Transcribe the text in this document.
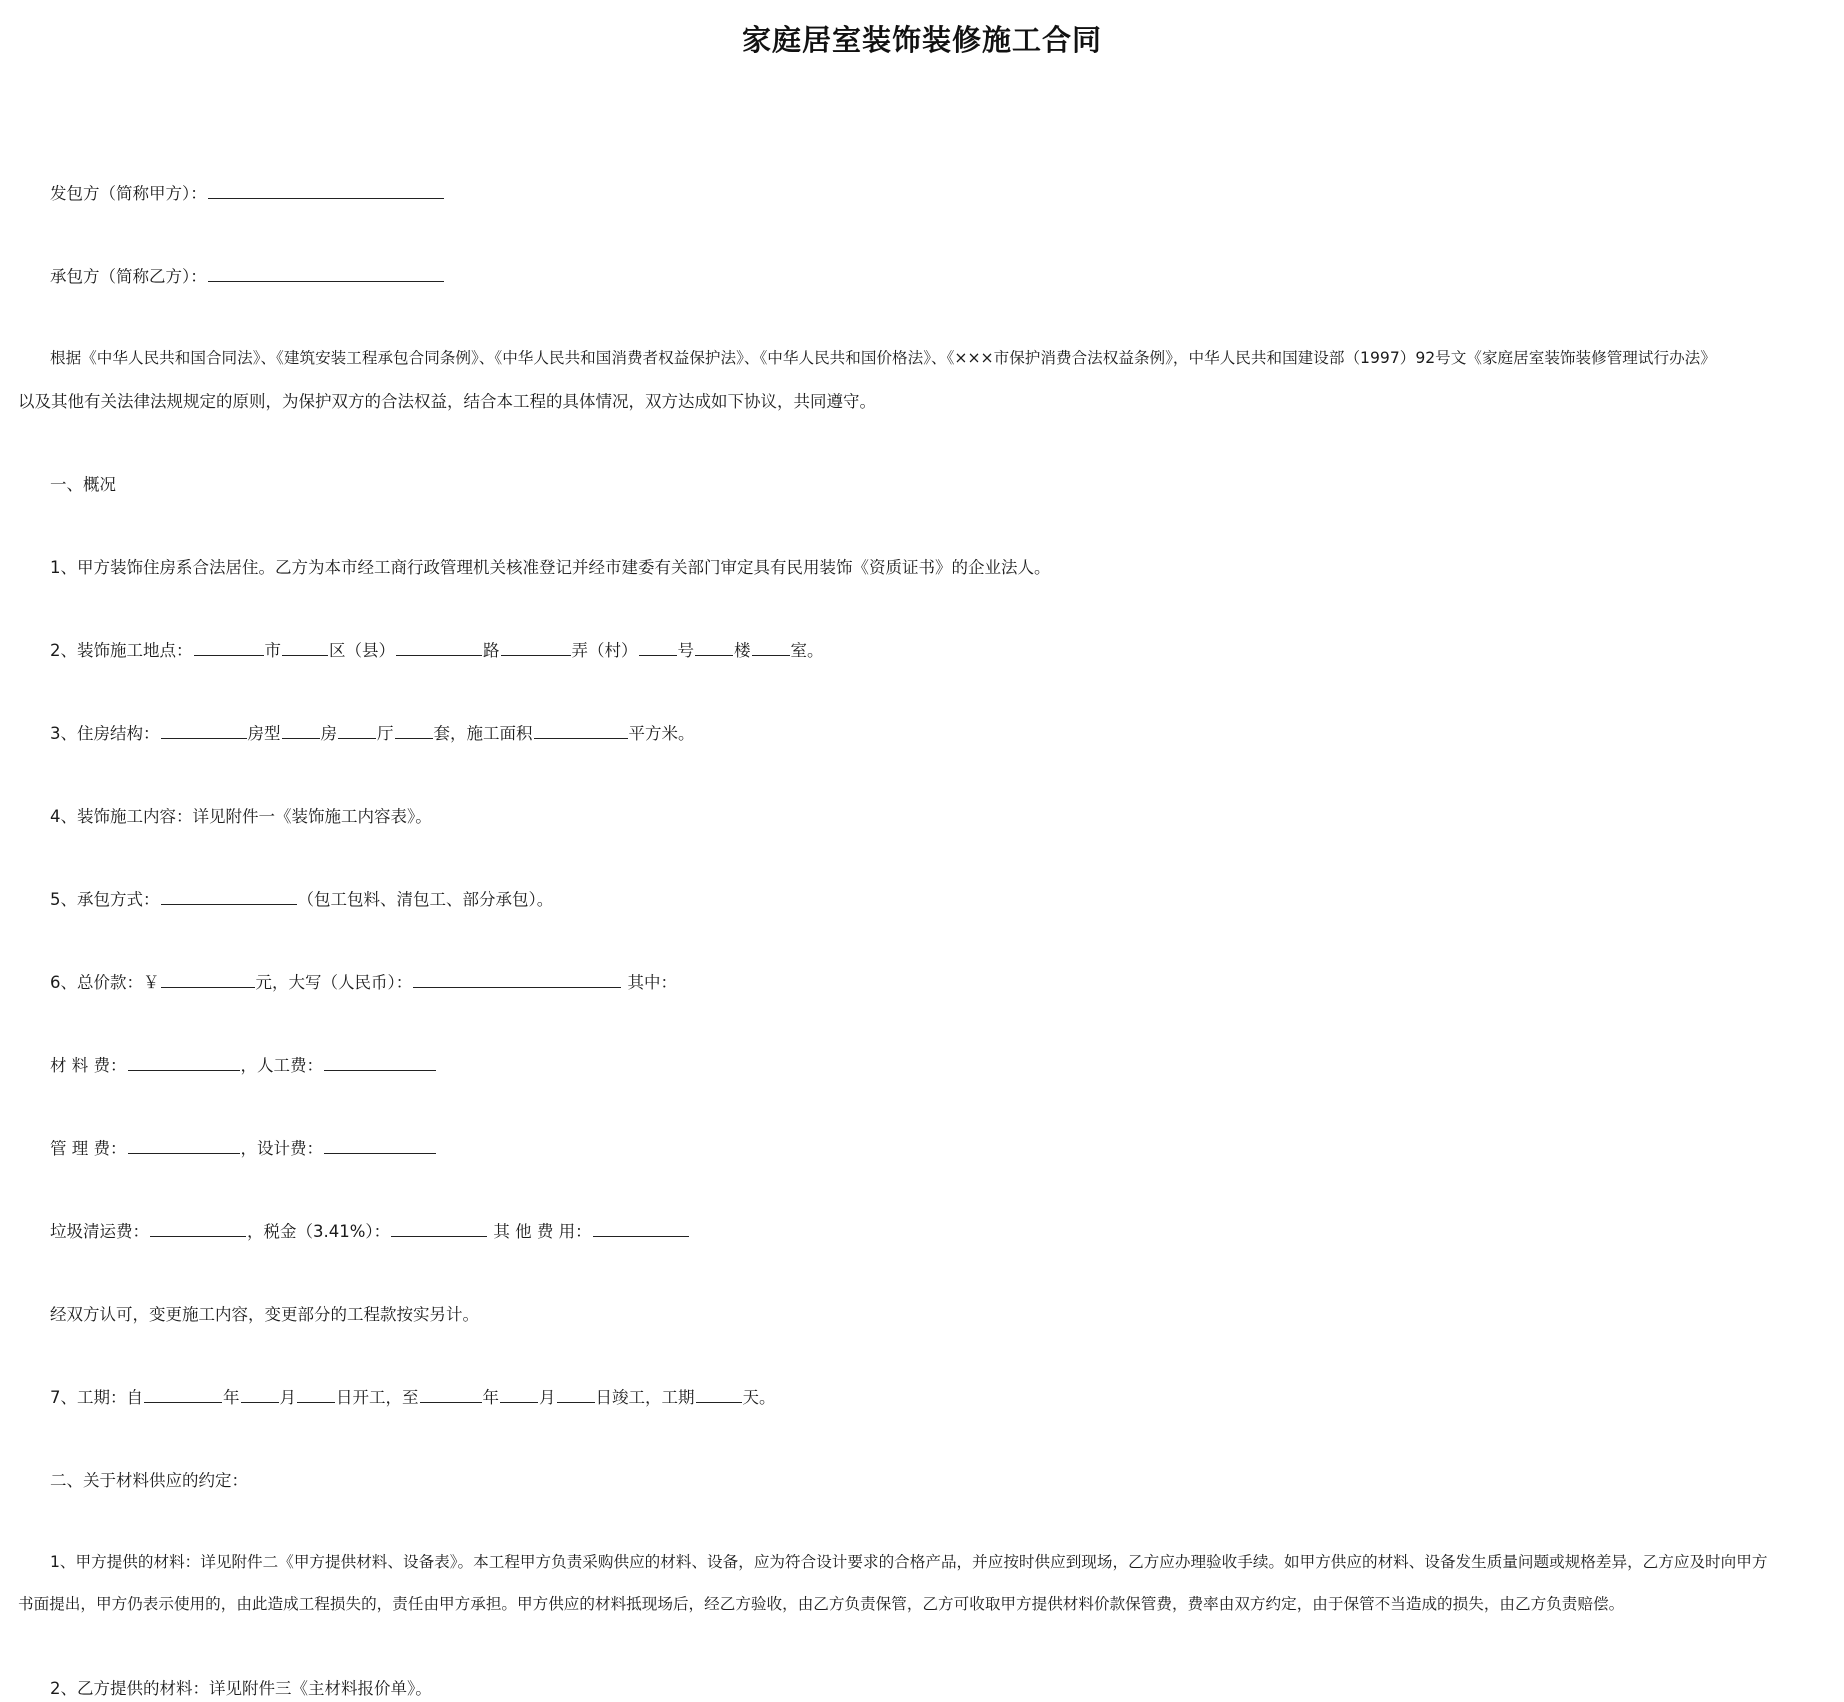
家庭居室装饰装修施工合同
发包方（简称甲方）：
承包方（简称乙方）：
根据《中华人民共和国合同法》、《建筑安装工程承包合同条例》、《中华人民共和国消费者权益保护法》、《中华人民共和国价格法》、《×××市保护消费合法权益条例》，中华人民共和国建设部（1997）92号文《家庭居室装饰装修管理试行办法》
以及其他有关法律法规规定的原则，为保护双方的合法权益，结合本工程的具体情况，双方达成如下协议，共同遵守。
一、概况
1、甲方装饰住房系合法居住。乙方为本市经工商行政管理机关核准登记并经市建委有关部门审定具有民用装饰《资质证书》的企业法人。
2、装饰施工地点：	市	区（县）	路	弄（村） 号 楼 室。
3、住房结构：	房型 房 厅 套，施工面积	平方米。
4、装饰施工内容：详见附件一《装饰施工内容表》。
5、承包方式：	（包工包料、清包工、部分承包）。
6、总价款：￥	元，大写（人民币）：	其中：
材 料 费：	，人工费：
管 理 费：	，设计费：
垃圾清运费：	，税金（3.41%）：	其 他 费 用：
经双方认可，变更施工内容，变更部分的工程款按实另计。
7、工期：自	年 月 日开工，至	年 月 日竣工，工期	天。
二、关于材料供应的约定：
1、甲方提供的材料：详见附件二《甲方提供材料、设备表》。本工程甲方负责采购供应的材料、设备，应为符合设计要求的合格产品，并应按时供应到现场，乙方应办理验收手续。如甲方供应的材料、设备发生质量问题或规格差异，乙方应及时向甲方
书面提出，甲方仍表示使用的，由此造成工程损失的，责任由甲方承担。甲方供应的材料抵现场后，经乙方验收，由乙方负责保管，乙方可收取甲方提供材料价款保管费，费率由双方约定，由于保管不当造成的损失，由乙方负责赔偿。
2、乙方提供的材料：详见附件三《主材料报价单》。
